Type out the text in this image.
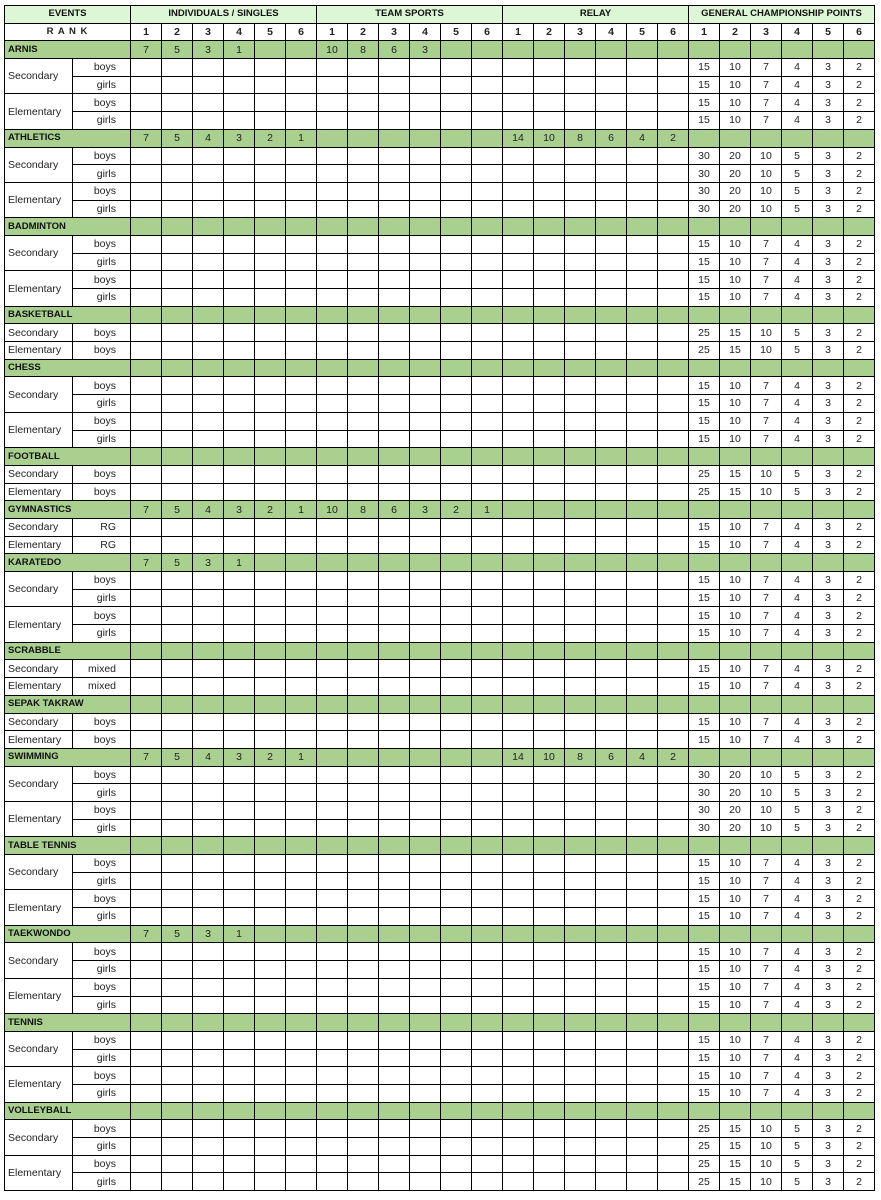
EVENTS		INDIVIDUALS / SINGLES						TEAM SPORTS						RELAY						GENERAL CHAMPIONSHIP POINTS					
R A N K		1	2	3	4	5	6	1	2	3	4	5	6	1	2	3	4	5	6	1	2	3	4	5	6
ARNIS		7	5	3	1			10	8	6	3														
Secondary	boys																			15	10	7	4	3	2
	girls																			15	10	7	4	3	2
Elementary	boys																			15	10	7	4	3	2
	girls																			15	10	7	4	3	2
ATHLETICS		7	5	4	3	2	1							14	10	8	6	4	2						
Secondary	boys																			30	20	10	5	3	2
	girls																			30	20	10	5	3	2
Elementary	boys																			30	20	10	5	3	2
	girls																			30	20	10	5	3	2
BADMINTON																									
Secondary	boys																			15	10	7	4	3	2
	girls																			15	10	7	4	3	2
Elementary	boys																			15	10	7	4	3	2
	girls																			15	10	7	4	3	2
BASKETBALL																									
Secondary	boys																			25	15	10	5	3	2
Elementary	boys																			25	15	10	5	3	2
CHESS																									
Secondary	boys																			15	10	7	4	3	2
	girls																			15	10	7	4	3	2
Elementary	boys																			15	10	7	4	3	2
	girls																			15	10	7	4	3	2
FOOTBALL																									
Secondary	boys																			25	15	10	5	3	2
Elementary	boys																			25	15	10	5	3	2
GYMNASTICS		7	5	4	3	2	1	10	8	6	3	2	1												
Secondary	RG																			15	10	7	4	3	2
Elementary	RG																			15	10	7	4	3	2
KARATEDO		7	5	3	1																				
Secondary	boys																			15	10	7	4	3	2
	girls																			15	10	7	4	3	2
Elementary	boys																			15	10	7	4	3	2
	girls																			15	10	7	4	3	2
SCRABBLE																									
Secondary	mixed																			15	10	7	4	3	2
Elementary	mixed																			15	10	7	4	3	2
SEPAK TAKRAW																									
Secondary	boys																			15	10	7	4	3	2
Elementary	boys																			15	10	7	4	3	2
SWIMMING		7	5	4	3	2	1							14	10	8	6	4	2						
Secondary	boys																			30	20	10	5	3	2
	girls																			30	20	10	5	3	2
Elementary	boys																			30	20	10	5	3	2
	girls																			30	20	10	5	3	2
TABLE TENNIS																									
Secondary	boys																			15	10	7	4	3	2
	girls																			15	10	7	4	3	2
Elementary	boys																			15	10	7	4	3	2
	girls																			15	10	7	4	3	2
TAEKWONDO		7	5	3	1																				
Secondary	boys																			15	10	7	4	3	2
	girls																			15	10	7	4	3	2
Elementary	boys																			15	10	7	4	3	2
	girls																			15	10	7	4	3	2
TENNIS																									
Secondary	boys																			15	10	7	4	3	2
	girls																			15	10	7	4	3	2
Elementary	boys																			15	10	7	4	3	2
	girls																			15	10	7	4	3	2
VOLLEYBALL																									
Secondary	boys																			25	15	10	5	3	2
	girls																			25	15	10	5	3	2
Elementary	boys																			25	15	10	5	3	2
	girls																			25	15	10	5	3	2
